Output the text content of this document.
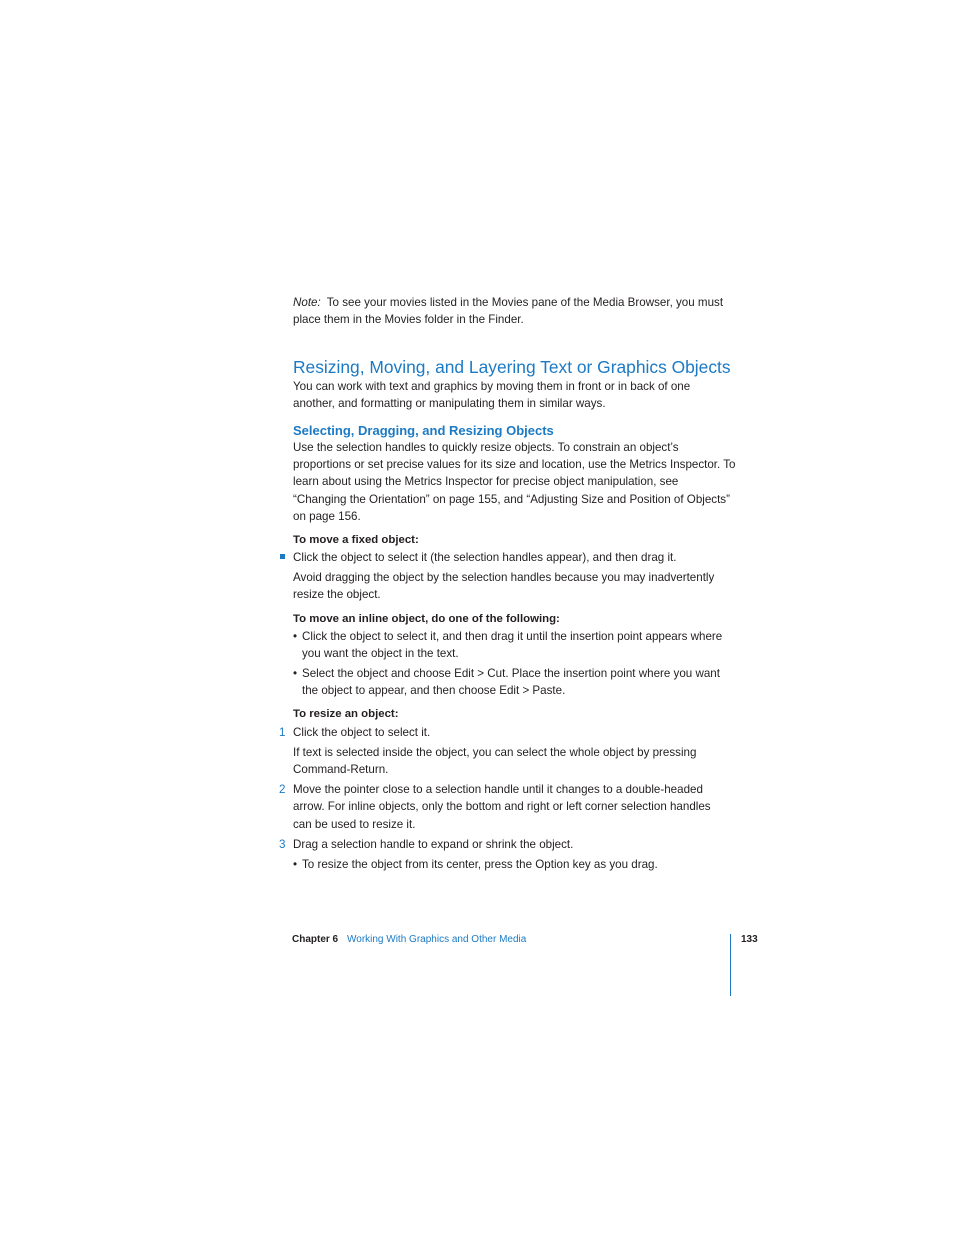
Note: To see your movies listed in the Movies pane of the Media Browser, you must
place them in the Movies folder in the Finder.
Resizing, Moving, and Layering Text or Graphics Objects
You can work with text and graphics by moving them in front or in back of one
another, and formatting or manipulating them in similar ways.
Selecting, Dragging, and Resizing Objects
Use the selection handles to quickly resize objects. To constrain an object’s
proportions or set precise values for its size and location, use the Metrics Inspector. To
learn about using the Metrics Inspector for precise object manipulation, see
“Changing the Orientation” on page 155, and “Adjusting Size and Position of Objects”
on page 156.
To move a fixed object:
Click the object to select it (the selection handles appear), and then drag it.
Avoid dragging the object by the selection handles because you may inadvertently
resize the object.
To move an inline object, do one of the following:
• Click the object to select it, and then drag it until the insertion point appears where
you want the object in the text.
• Select the object and choose Edit > Cut. Place the insertion point where you want
the object to appear, and then choose Edit > Paste.
To resize an object:
1 Click the object to select it.
If text is selected inside the object, you can select the whole object by pressing
Command-Return.
2 Move the pointer close to a selection handle until it changes to a double-headed
arrow. For inline objects, only the bottom and right or left corner selection handles
can be used to resize it.
3 Drag a selection handle to expand or shrink the object.
• To resize the object from its center, press the Option key as you drag.
Chapter 6 Working With Graphics and Other Media	133
